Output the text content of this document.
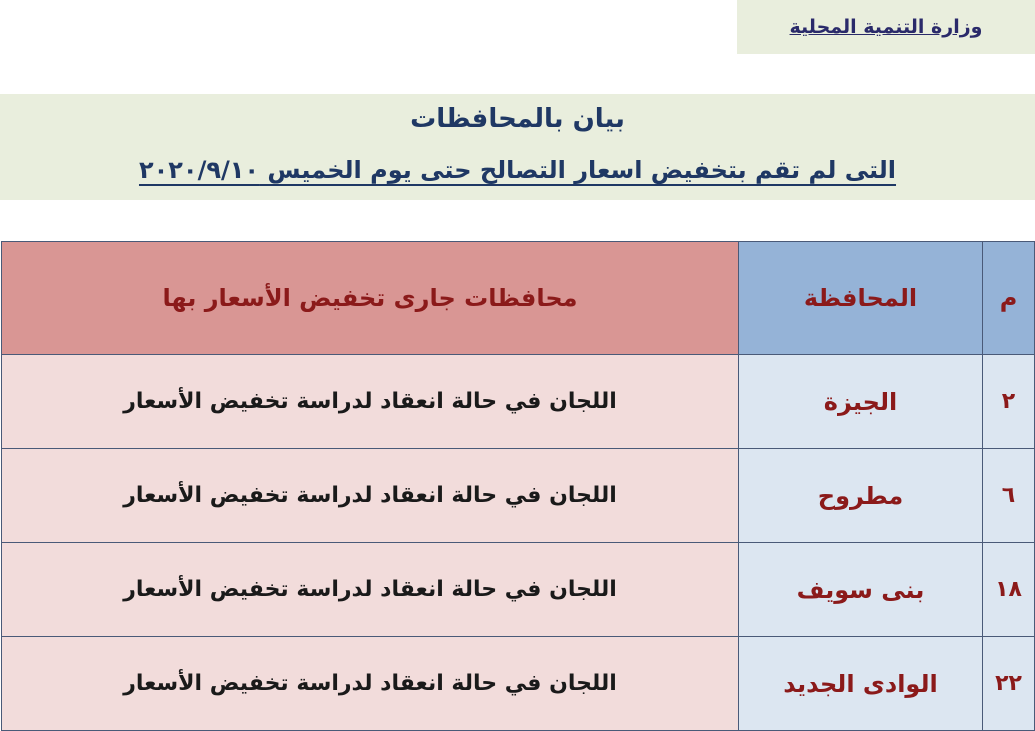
وزارة التنمية المحلية
بيان بالمحافظات
التى لم تقم بتخفيض اسعار التصالح حتى يوم الخميس ٢٠٢٠/٩/١٠
م	المحافظة	محافظات جارى تخفيض الأسعار بها
٢	الجيزة	اللجان في حالة انعقاد لدراسة تخفيض الأسعار
٦	مطروح	اللجان في حالة انعقاد لدراسة تخفيض الأسعار
١٨	بنى سويف	اللجان في حالة انعقاد لدراسة تخفيض الأسعار
٢٢	الوادى الجديد	اللجان في حالة انعقاد لدراسة تخفيض الأسعار
